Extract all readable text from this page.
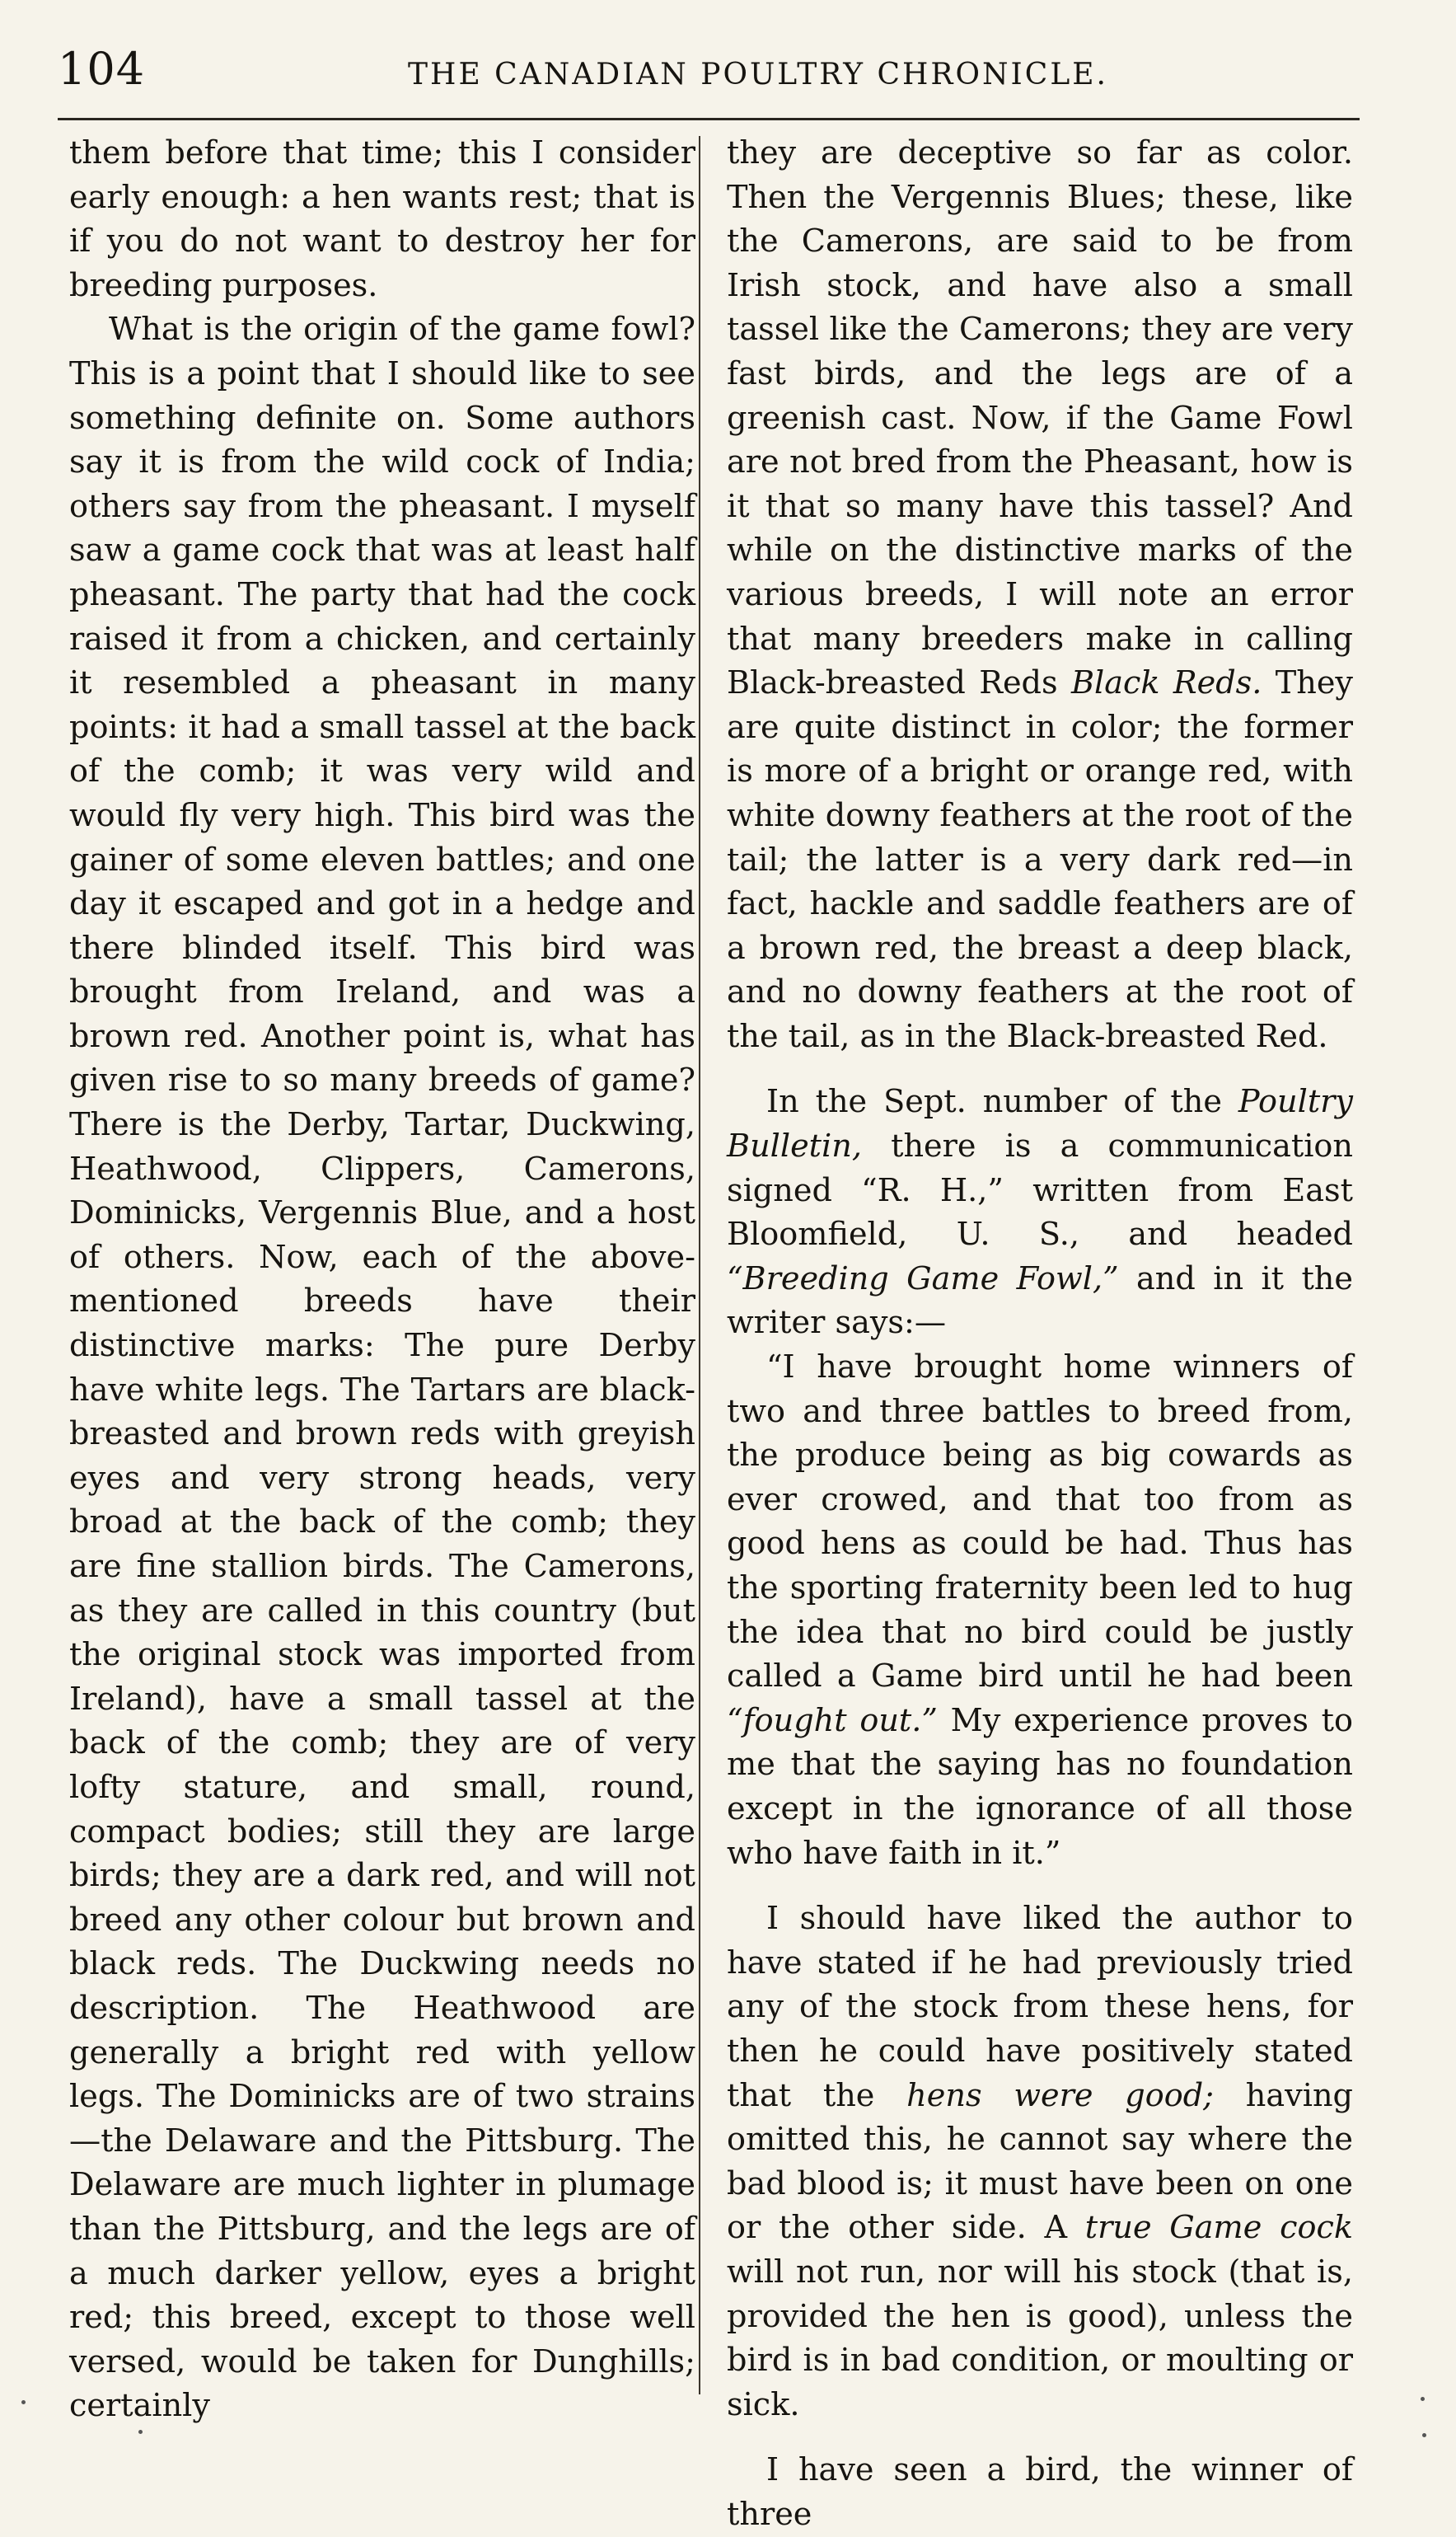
104	THE CANADIAN POULTRY CHRONICLE.

them before that time; this I consider early enough: a hen wants rest; that is if you do not want to destroy her for breeding purposes.

What is the origin of the game fowl? This is a point that I should like to see something definite on. Some authors say it is from the wild cock of India; others say from the pheasant. I myself saw a game cock that was at least half pheasant. The party that had the cock raised it from a chicken, and certainly it resembled a pheasant in many points: it had a small tassel at the back of the comb; it was very wild and would fly very high. This bird was the gainer of some eleven battles; and one day it escaped and got in a hedge and there blinded itself. This bird was brought from Ireland, and was a brown red. Another point is, what has given rise to so many breeds of game? There is the Derby, Tartar, Duckwing, Heathwood, Clippers, Camerons, Dominicks, Vergennis Blue, and a host of others. Now, each of the above-mentioned breeds have their distinctive marks: The pure Derby have white legs. The Tartars are black-breasted and brown reds with greyish eyes and very strong heads, very broad at the back of the comb; they are fine stallion birds. The Camerons, as they are called in this country (but the original stock was imported from Ireland), have a small tassel at the back of the comb; they are of very lofty stature, and small, round, compact bodies; still they are large birds; they are a dark red, and will not breed any other colour but brown and black reds. The Duckwing needs no description. The Heathwood are generally a bright red with yellow legs. The Dominicks are of two strains—the Delaware and the Pittsburg. The Delaware are much lighter in plumage than the Pittsburg, and the legs are of a much darker yellow, eyes a bright red; this breed, except to those well versed, would be taken for Dunghills; certainly

they are deceptive so far as color. Then the Vergennis Blues; these, like the Camerons, are said to be from Irish stock, and have also a small tassel like the Camerons; they are very fast birds, and the legs are of a greenish cast. Now, if the Game Fowl are not bred from the Pheasant, how is it that so many have this tassel? And while on the distinctive marks of the various breeds, I will note an error that many breeders make in calling Black-breasted Reds Black Reds. They are quite distinct in color; the former is more of a bright or orange red, with white downy feathers at the root of the tail; the latter is a very dark red—in fact, hackle and saddle feathers are of a brown red, the breast a deep black, and no downy feathers at the root of the tail, as in the Black-breasted Red.

In the Sept. number of the Poultry Bulletin, there is a communication signed “R. H.,” written from East Bloomfield, U. S., and headed “Breeding Game Fowl,” and in it the writer says:—

“I have brought home winners of two and three battles to breed from, the produce being as big cowards as ever crowed, and that too from as good hens as could be had. Thus has the sporting fraternity been led to hug the idea that no bird could be justly called a Game bird until he had been “fought out.” My experience proves to me that the saying has no foundation except in the ignorance of all those who have faith in it.”

I should have liked the author to have stated if he had previously tried any of the stock from these hens, for then he could have positively stated that the hens were good; having omitted this, he cannot say where the bad blood is; it must have been on one or the other side. A true Game cock will not run, nor will his stock (that is, provided the hen is good), unless the bird is in bad condition, or moulting or sick.

I have seen a bird, the winner of three
